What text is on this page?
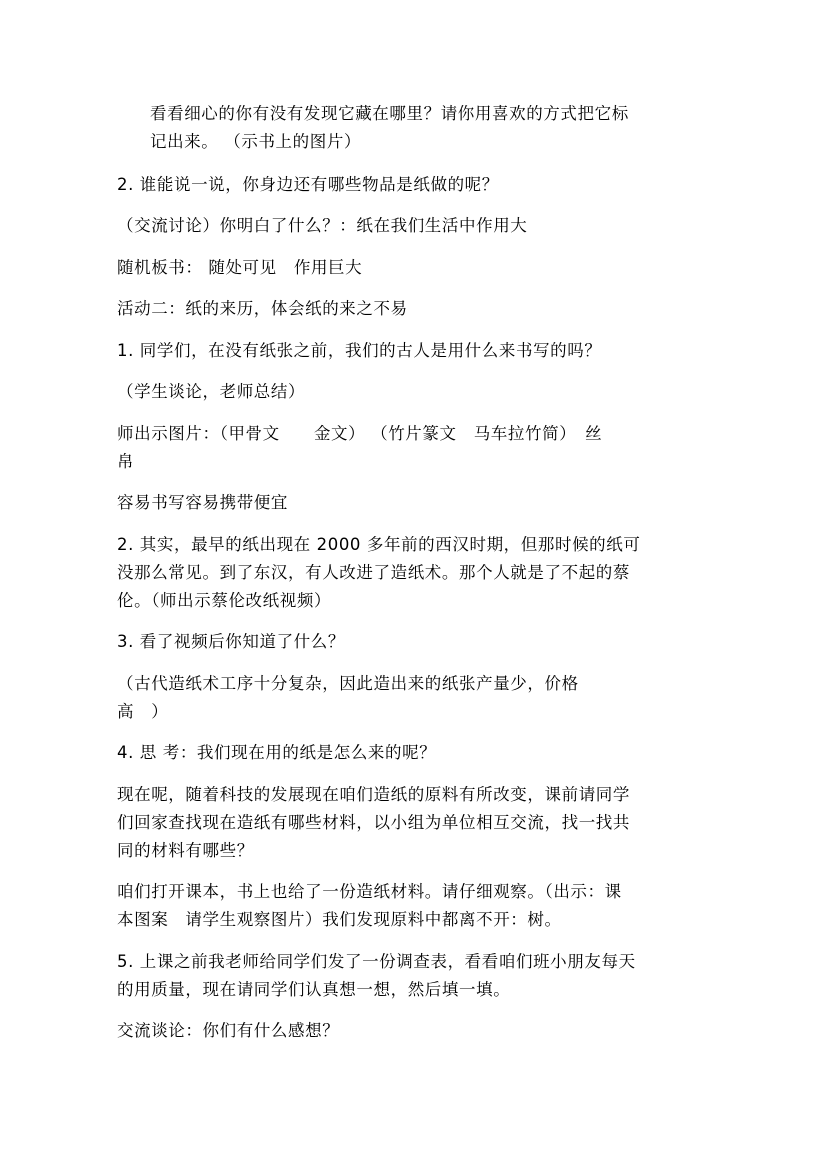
看看细心的你有没有发现它藏在哪里？请你用喜欢的方式把它标
记出来。 （示书上的图片）
2. 谁能说一说，你身边还有哪些物品是纸做的呢？
（交流讨论）你明白了什么？：纸在我们生活中作用大
随机板书： 随处可见　作用巨大
活动二：纸的来历，体会纸的来之不易
1. 同学们，在没有纸张之前，我们的古人是用什么来书写的吗？
（学生谈论，老师总结）
师出示图片：（甲骨文　　金文） （竹片篆文　马车拉竹简）　丝
帛
容易书写容易携带便宜
2. 其实，最早的纸出现在 2000 多年前的西汉时期，但那时候的纸可
没那么常见。到了东汉，有人改进了造纸术。那个人就是了不起的蔡
伦。（师出示蔡伦改纸视频）
3. 看了视频后你知道了什么？
（古代造纸术工序十分复杂，因此造出来的纸张产量少，价格
高　）
4. 思 考：我们现在用的纸是怎么来的呢？
现在呢，随着科技的发展现在咱们造纸的原料有所改变，课前请同学
们回家查找现在造纸有哪些材料，以小组为单位相互交流，找一找共
同的材料有哪些？
咱们打开课本，书上也给了一份造纸材料。请仔细观察。（出示：课
本图案　请学生观察图片）我们发现原料中都离不开：树。
5. 上课之前我老师给同学们发了一份调查表，看看咱们班小朋友每天
的用质量，现在请同学们认真想一想，然后填一填。
交流谈论：你们有什么感想？
